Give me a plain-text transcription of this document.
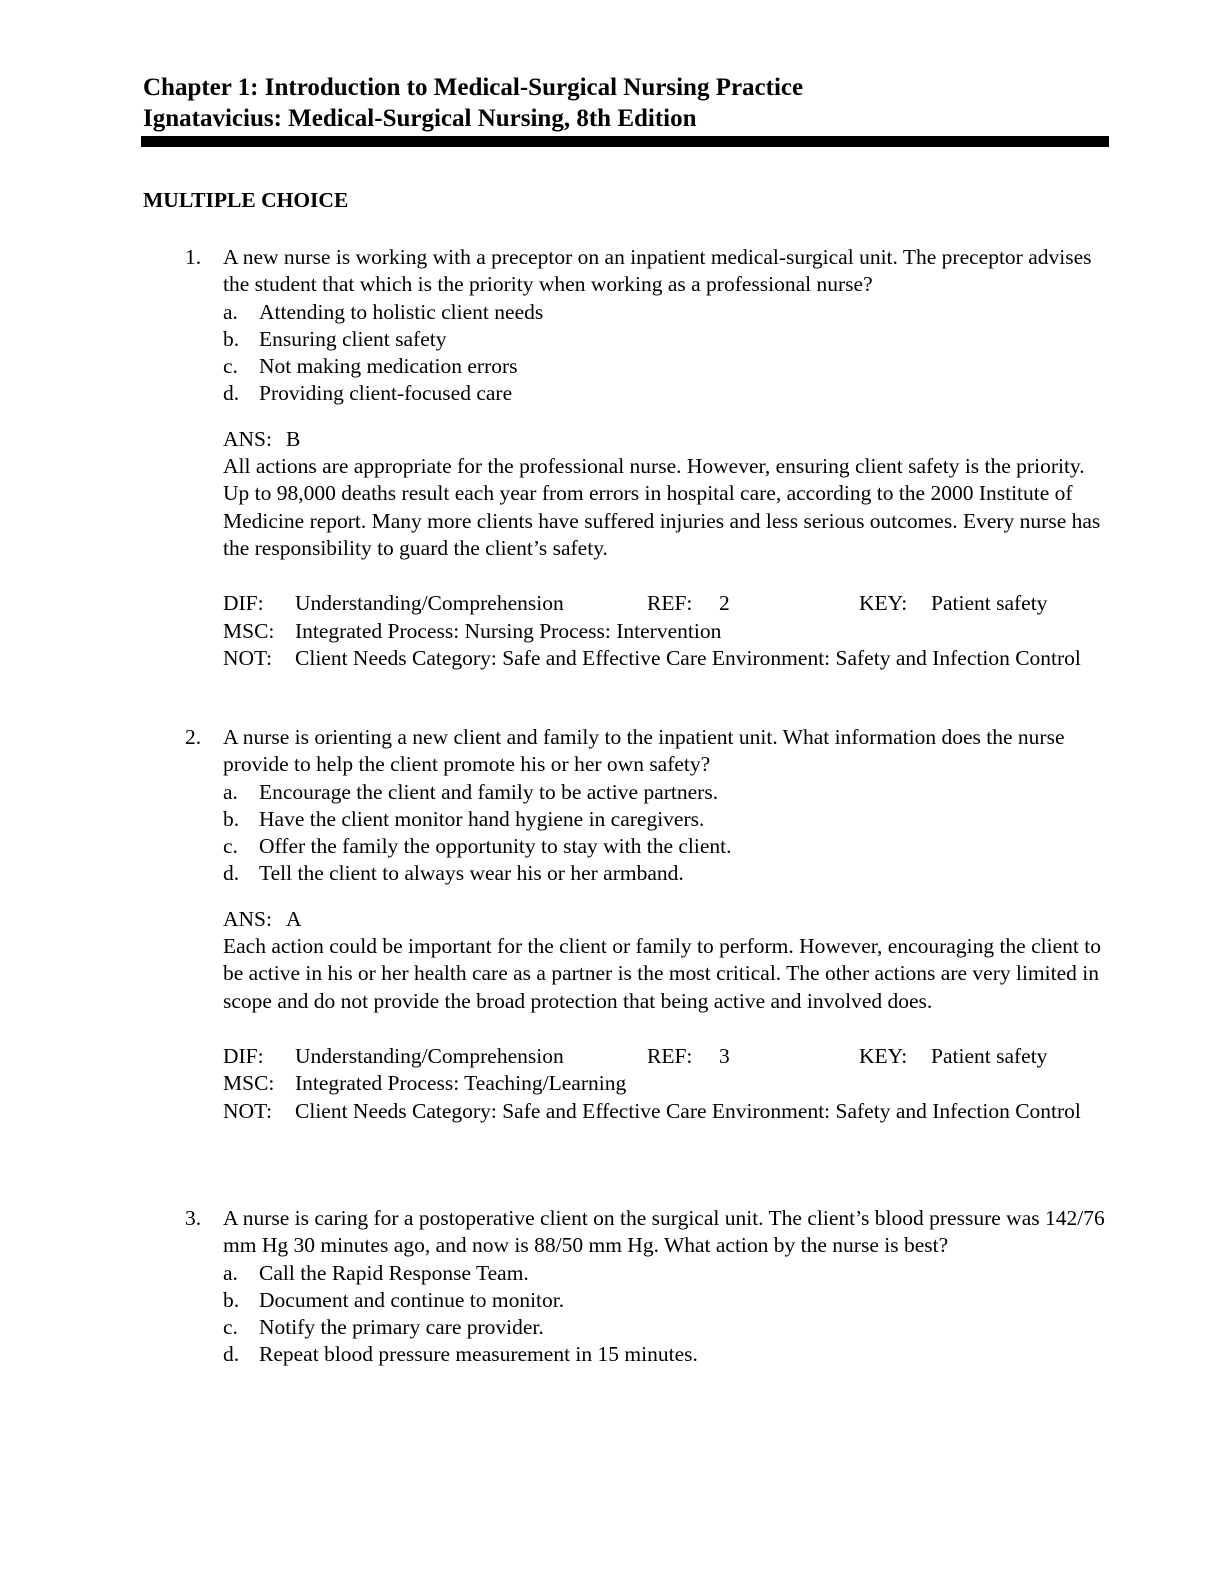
Chapter 1: Introduction to Medical-Surgical Nursing Practice
Ignatavicius: Medical-Surgical Nursing, 8th Edition
MULTIPLE CHOICE
1. A new nurse is working with a preceptor on an inpatient medical-surgical unit. The preceptor advises the student that which is the priority when working as a professional nurse?
a. Attending to holistic client needs
b. Ensuring client safety
c. Not making medication errors
d. Providing client-focused care
ANS: B
All actions are appropriate for the professional nurse. However, ensuring client safety is the priority. Up to 98,000 deaths result each year from errors in hospital care, according to the 2000 Institute of Medicine report. Many more clients have suffered injuries and less serious outcomes. Every nurse has the responsibility to guard the client’s safety.
DIF: Understanding/Comprehension	REF: 2	KEY: Patient safety
MSC: Integrated Process: Nursing Process: Intervention
NOT: Client Needs Category: Safe and Effective Care Environment: Safety and Infection Control
2. A nurse is orienting a new client and family to the inpatient unit. What information does the nurse provide to help the client promote his or her own safety?
a. Encourage the client and family to be active partners.
b. Have the client monitor hand hygiene in caregivers.
c. Offer the family the opportunity to stay with the client.
d. Tell the client to always wear his or her armband.
ANS: A
Each action could be important for the client or family to perform. However, encouraging the client to be active in his or her health care as a partner is the most critical. The other actions are very limited in scope and do not provide the broad protection that being active and involved does.
DIF: Understanding/Comprehension	REF: 3	KEY: Patient safety
MSC: Integrated Process: Teaching/Learning
NOT: Client Needs Category: Safe and Effective Care Environment: Safety and Infection Control
3. A nurse is caring for a postoperative client on the surgical unit. The client’s blood pressure was 142/76 mm Hg 30 minutes ago, and now is 88/50 mm Hg. What action by the nurse is best?
a. Call the Rapid Response Team.
b. Document and continue to monitor.
c. Notify the primary care provider.
d. Repeat blood pressure measurement in 15 minutes.
